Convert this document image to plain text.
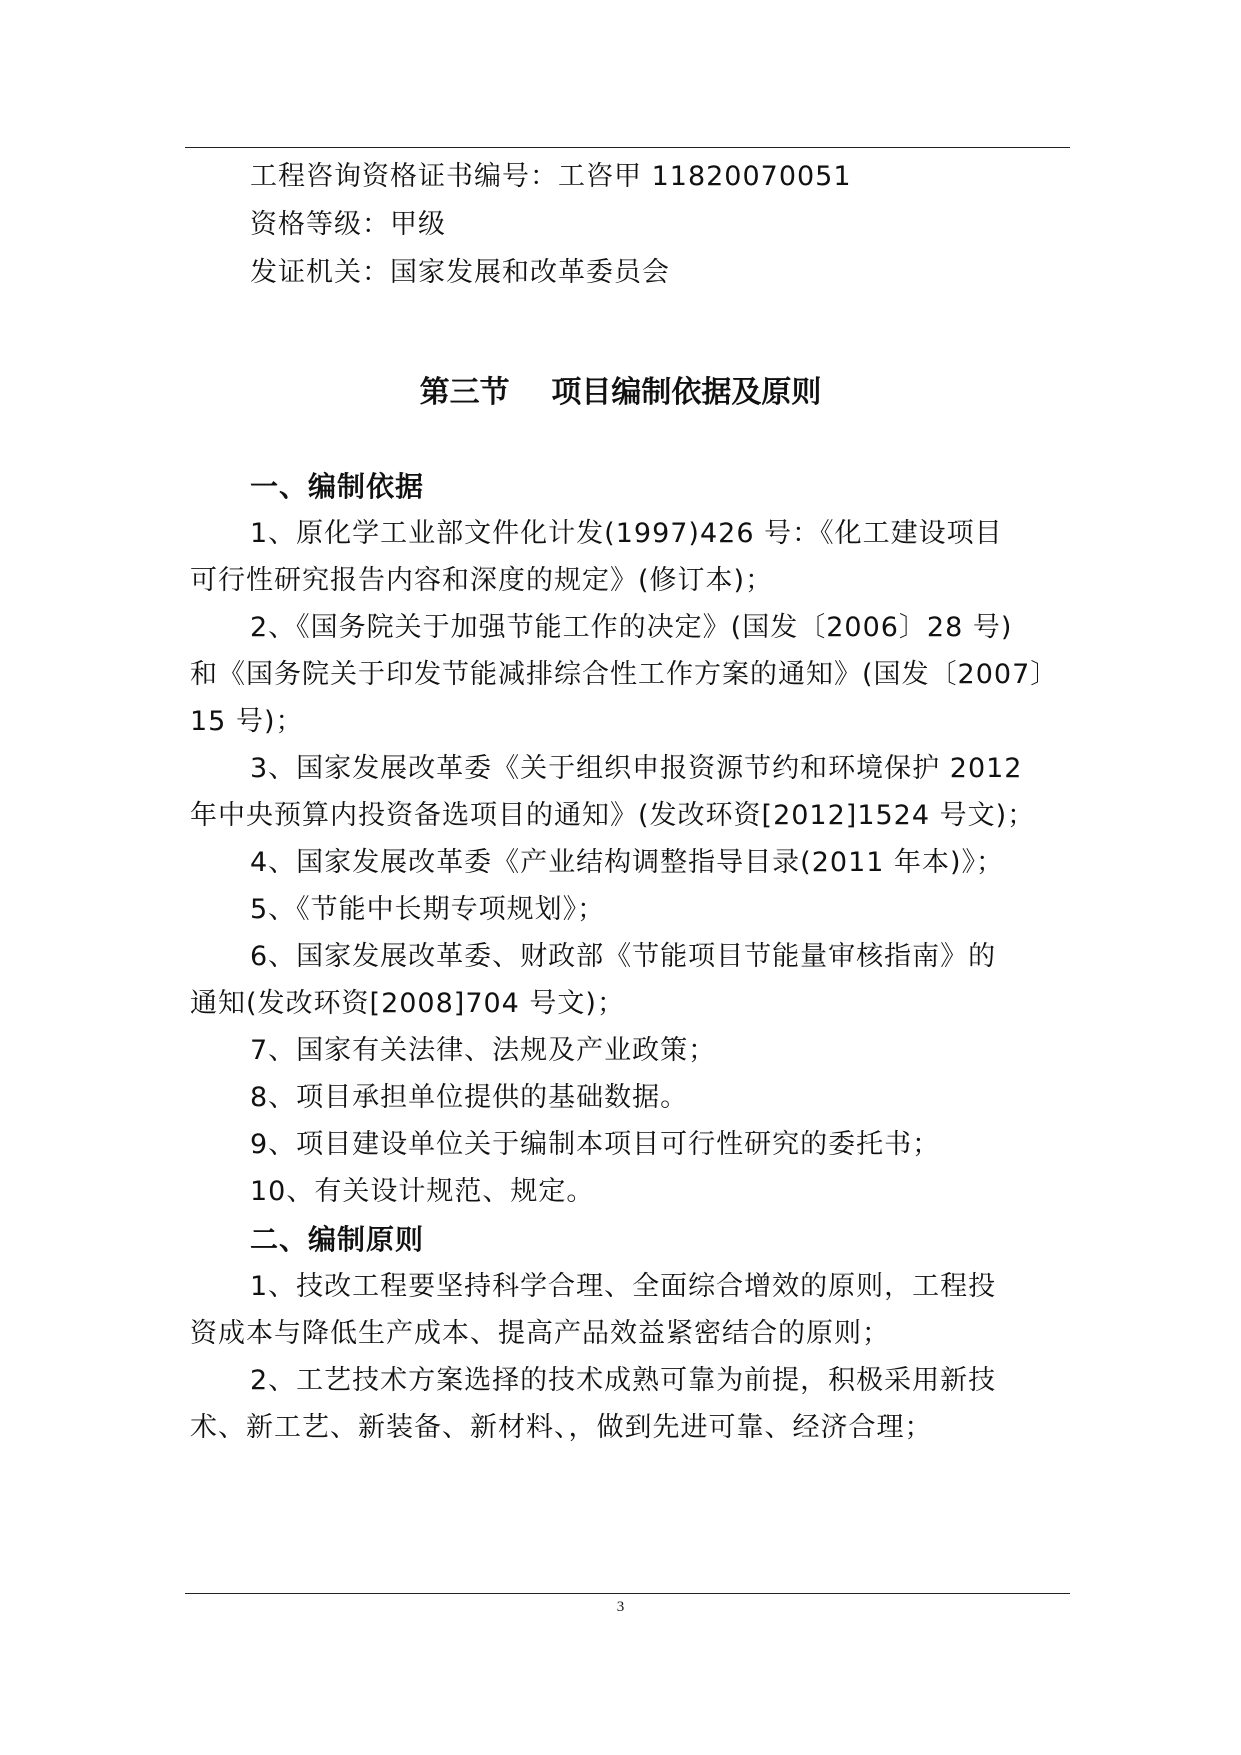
工程咨询资格证书编号：工咨甲 11820070051
资格等级：甲级
发证机关：国家发展和改革委员会
第三节    项目编制依据及原则
一、编制依据
1、原化学工业部文件化计发(1997)426 号：《化工建设项目
可行性研究报告内容和深度的规定》(修订本)；
2、《国务院关于加强节能工作的决定》(国发〔2006〕28 号)
和《国务院关于印发节能减排综合性工作方案的通知》(国发〔2007〕
15 号)；
3、国家发展改革委《关于组织申报资源节约和环境保护 2012
年中央预算内投资备选项目的通知》(发改环资[2012]1524 号文)；
4、国家发展改革委《产业结构调整指导目录(2011 年本)》；
5、《节能中长期专项规划》；
6、国家发展改革委、财政部《节能项目节能量审核指南》的
通知(发改环资[2008]704 号文)；
7、国家有关法律、法规及产业政策；
8、项目承担单位提供的基础数据。
9、项目建设单位关于编制本项目可行性研究的委托书；
10、有关设计规范、规定。
二、编制原则
1、技改工程要坚持科学合理、全面综合增效的原则，工程投
资成本与降低生产成本、提高产品效益紧密结合的原则；
2、工艺技术方案选择的技术成熟可靠为前提，积极采用新技
术、新工艺、新装备、新材料、，做到先进可靠、经济合理；
3
